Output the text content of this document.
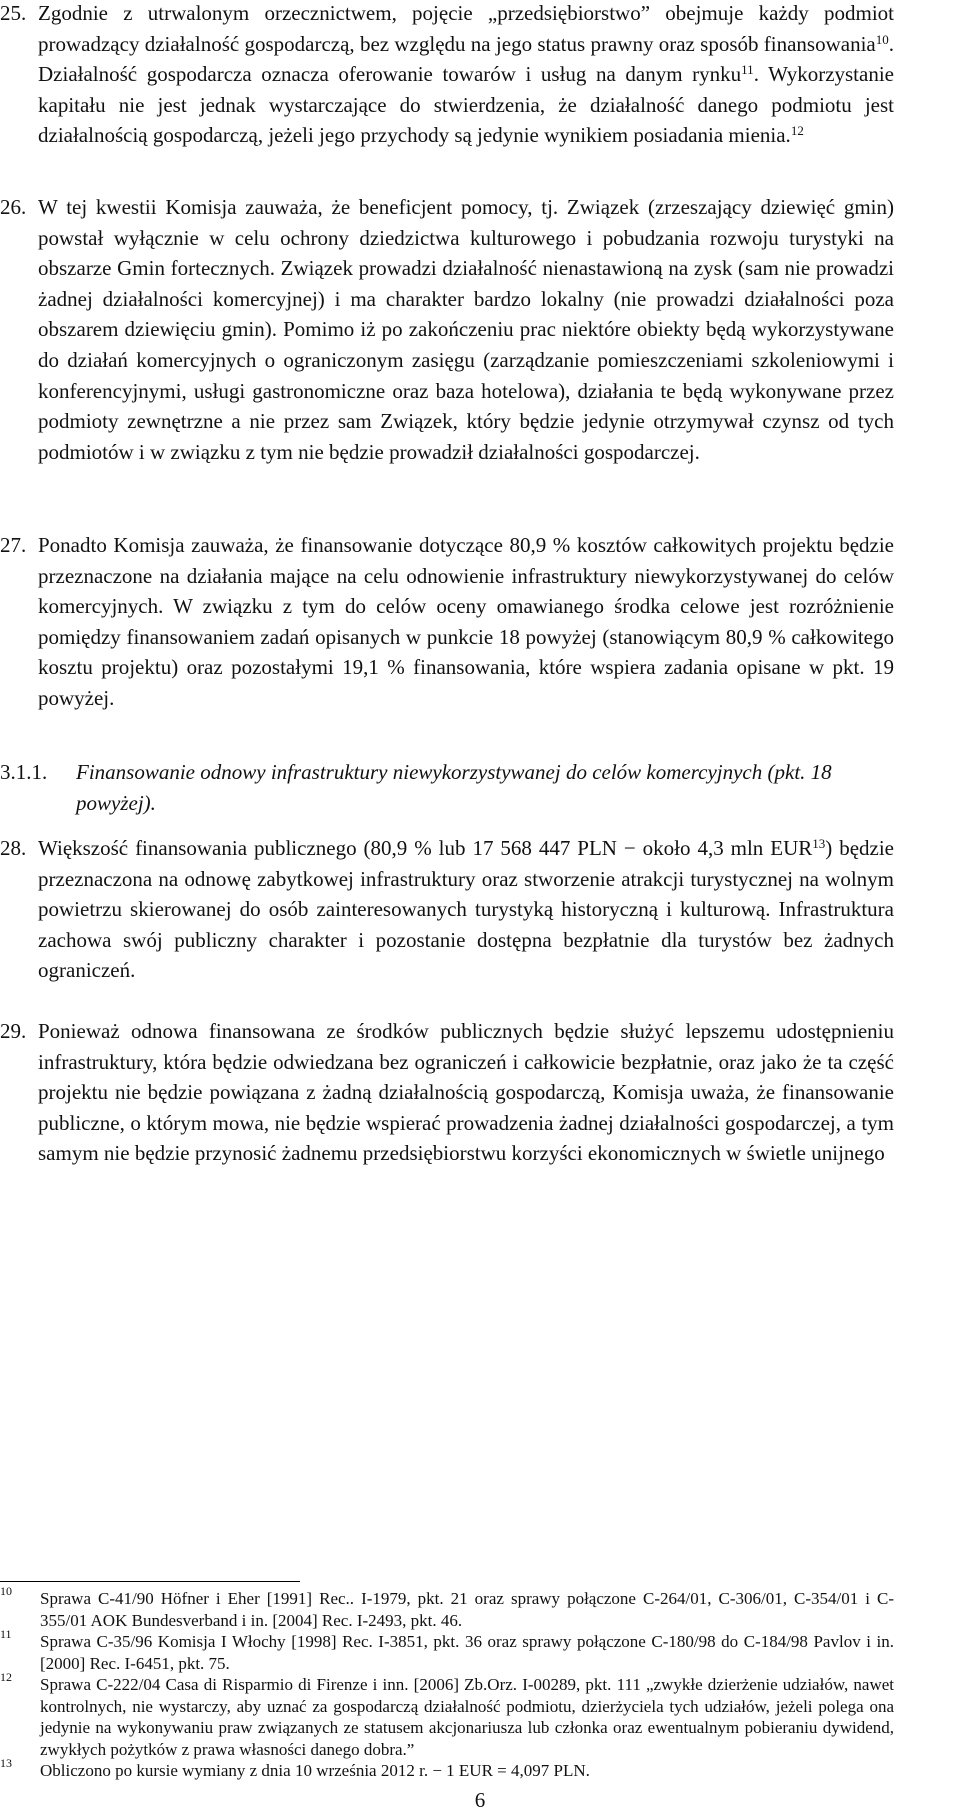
25. Zgodnie z utrwalonym orzecznictwem, pojęcie „przedsiębiorstwo” obejmuje każdy podmiot prowadzący działalność gospodarczą, bez względu na jego status prawny oraz sposób finansowania$^{10}$. Działalność gospodarcza oznacza oferowanie towarów i usług na danym rynku$^{11}$. Wykorzystanie kapitału nie jest jednak wystarczające do stwierdzenia, że działalność danego podmiotu jest działalnością gospodarczą, jeżeli jego przychody są jedynie wynikiem posiadania mienia.$^{12}$
26. W tej kwestii Komisja zauważa, że beneficjent pomocy, tj. Związek (zrzeszający dziewięć gmin) powstał wyłącznie w celu ochrony dziedzictwa kulturowego i pobudzania rozwoju turystyki na obszarze Gmin fortecznych. Związek prowadzi działalność nienastawioną na zysk (sam nie prowadzi żadnej działalności komercyjnej) i ma charakter bardzo lokalny (nie prowadzi działalności poza obszarem dziewięciu gmin). Pomimo iż po zakończeniu prac niektóre obiekty będą wykorzystywane do działań komercyjnych o ograniczonym zasięgu (zarządzanie pomieszczeniami szkoleniowymi i konferencyjnymi, usługi gastronomiczne oraz baza hotelowa), działania te będą wykonywane przez podmioty zewnętrzne a nie przez sam Związek, który będzie jedynie otrzymywał czynsz od tych podmiotów i w związku z tym nie będzie prowadził działalności gospodarczej.
27. Ponadto Komisja zauważa, że finansowanie dotyczące 80,9 % kosztów całkowitych projektu będzie przeznaczone na działania mające na celu odnowienie infrastruktury niewykorzystywanej do celów komercyjnych. W związku z tym do celów oceny omawianego środka celowe jest rozróżnienie pomiędzy finansowaniem zadań opisanych w punkcie 18 powyżej (stanowiącym 80,9 % całkowitego kosztu projektu) oraz pozostałymi 19,1 % finansowania, które wspiera zadania opisane w pkt. 19 powyżej.
3.1.1.	Finansowanie odnowy infrastruktury niewykorzystywanej do celów komercyjnych (pkt. 18 powyżej).
28. Większość finansowania publicznego (80,9 % lub 17 568 447 PLN − około 4,3 mln EUR$^{13}$) będzie przeznaczona na odnowę zabytkowej infrastruktury oraz stworzenie atrakcji turystycznej na wolnym powietrzu skierowanej do osób zainteresowanych turystyką historyczną i kulturową. Infrastruktura zachowa swój publiczny charakter i pozostanie dostępna bezpłatnie dla turystów bez żadnych ograniczeń.
29. Ponieważ odnowa finansowana ze środków publicznych będzie służyć lepszemu udostępnieniu infrastruktury, która będzie odwiedzana bez ograniczeń i całkowicie bezpłatnie, oraz jako że ta część projektu nie będzie powiązana z żadną działalnością gospodarczą, Komisja uważa, że finansowanie publiczne, o którym mowa, nie będzie wspierać prowadzenia żadnej działalności gospodarczej, a tym samym nie będzie przynosić żadnemu przedsiębiorstwu korzyści ekonomicznych w świetle unijnego
10	Sprawa C-41/90 Höfner i Eher [1991] Rec.. I-1979, pkt. 21 oraz sprawy połączone C-264/01, C-306/01, C-354/01 i C-355/01 AOK Bundesverband i in. [2004] Rec. I-2493, pkt. 46.
11	Sprawa C-35/96 Komisja I Włochy [1998] Rec. I-3851, pkt. 36 oraz sprawy połączone C-180/98 do C-184/98 Pavlov i in.[2000] Rec. I-6451, pkt. 75.
12	Sprawa C-222/04 Casa di Risparmio di Firenze i inn. [2006] Zb.Orz. I-00289, pkt. 111 „zwykłe dzierżenie udziałów, nawet kontrolnych, nie wystarczy, aby uznać za gospodarczą działalność podmiotu, dzierżyciela tych udziałów, jeżeli polega ona jedynie na wykonywaniu praw związanych ze statusem akcjonariusza lub członka oraz ewentualnym pobieraniu dywidend, zwykłych pożytków z prawa własności danego dobra.”
13	Obliczono po kursie wymiany z dnia 10 września 2012 r. − 1 EUR = 4,097 PLN.
6
